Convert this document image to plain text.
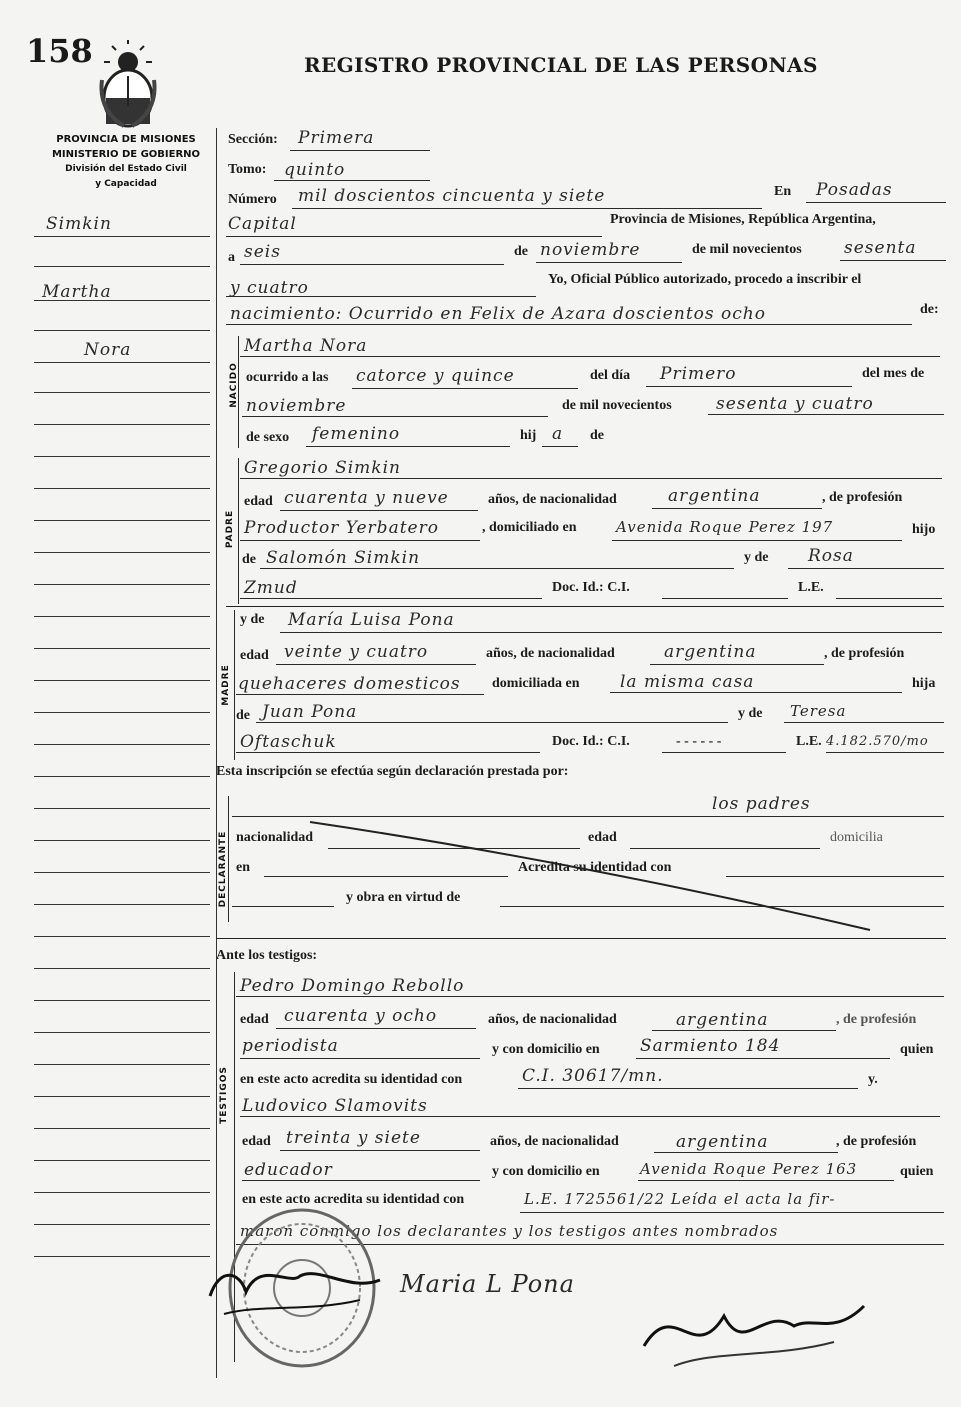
158	REGISTRO PROVINCIAL DE LAS PERSONAS
PROVINCIA DE MISIONES
MINISTERIO DE GOBIERNO
División del Estado Civil
y Capacidad
Simkin
Martha
Nora
Sección: Primera
Tomo: quinto
Número mil doscientos cincuenta y siete	En Posadas
Capital	Provincia de Misiones, República Argentina,
a seis	de noviembre	de mil novecientos sesenta
y cuatro	Yo, Oficial Público autorizado, procedo a inscribir el
nacimiento: Ocurrido en Felix de Azara doscientos ocho	de:
NACIDO
Martha Nora
ocurrido a las catorce y quince	del día Primero	del mes de
noviembre	de mil novecientos	sesenta y cuatro
de sexo femenino	hij a de
PADRE
Gregorio Simkin
edad cuarenta y nueve	años, de nacionalidad	argentina	, de profesión
Productor Yerbatero	, domiciliado en	Avenida Roque Perez 197	hijo
de Salomón Simkin	y de Rosa
Zmud	Doc. Id.: C.I.	L.E.
MADRE
y de María Luisa Pona
edad veinte y cuatro	años, de nacionalidad	argentina	, de profesión
quehaceres domesticos domiciliada en la misma casa	hija
de Juan Pona	y de Teresa
Oftaschuk	Doc. Id.: C.I.	- - - - - -	L.E. 4.182.570/mo
Esta inscripción se efectúa según declaración prestada por:
DECLARANTE
los padres
nacionalidad	edad	domicilia
en	Acredita su identidad con
y obra en virtud de
Ante los testigos:
TESTIGOS
Pedro Domingo Rebollo
edad cuarenta y ocho	años, de nacionalidad	argentina	, de profesión
periodista	y con domicilio en Sarmiento 184	quien
en este acto acredita su identidad con	C.I. 30617/mn.	y.
Ludovico Slamovits
edad treinta y siete	años, de nacionalidad	argentina	, de profesión
educador	y con domicilio en	Avenida Roque Perez 163	quien
en este acto acredita su identidad con	L.E. 1725561/22 Leída el acta la fir-
maron conmigo los declarantes y los testigos antes nombrados
Maria L Pona
